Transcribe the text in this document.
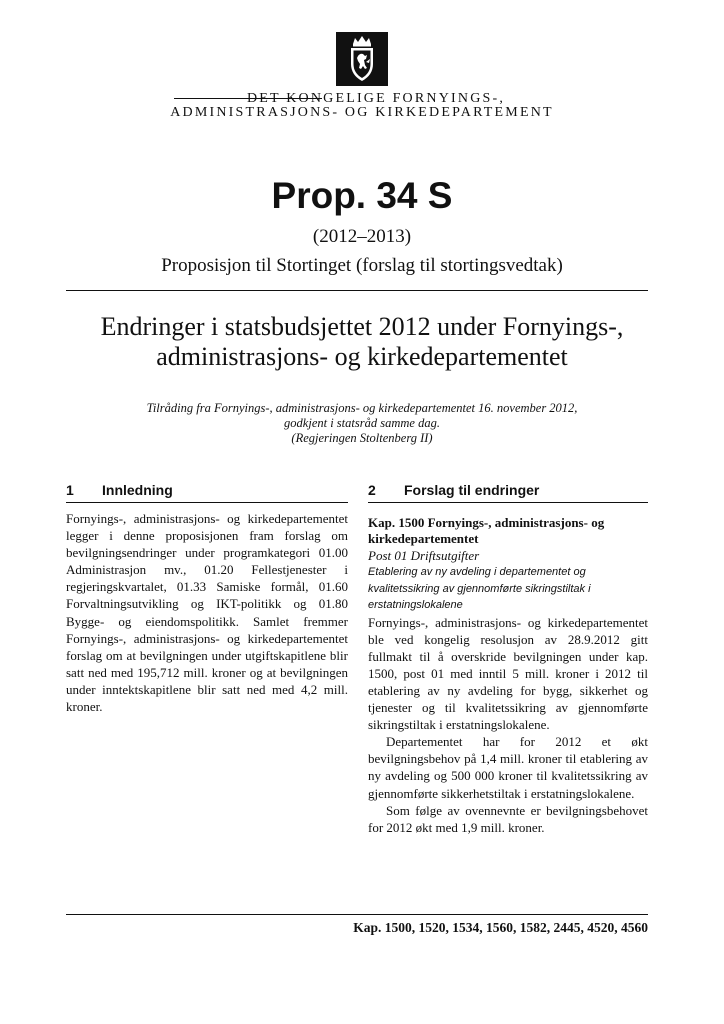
DET KONGELIGE FORNYINGS-,
ADMINISTRASJONS- OG KIRKEDEPARTEMENT
Prop. 34 S
(2012–2013)
Proposisjon til Stortinget (forslag til stortingsvedtak)
Endringer i statsbudsjettet 2012 under Fornyings-,
administrasjons- og kirkedepartementet
Tilråding fra Fornyings-, administrasjons- og kirkedepartementet 16. november 2012,
godkjent i statsråd samme dag.
(Regjeringen Stoltenberg II)
1 Innledning

Fornyings-, administrasjons- og kirkedepartementet legger i denne proposisjonen fram forslag om bevilgningsendringer under programkategori 01.00 Administrasjon mv., 01.20 Fellestjenester i regjeringskvartalet, 01.33 Samiske formål, 01.60 Forvaltningsutvikling og IKT-politikk og 01.80 Bygge- og eiendomspolitikk. Samlet fremmer Fornyings-, administrasjons- og kirkedepartementet forslag om at bevilgningen under utgiftskapitlene blir satt ned med 195,712 mill. kroner og at bevilgningen under inntektskapitlene blir satt ned med 4,2 mill. kroner.

2 Forslag til endringer

Kap. 1500 Fornyings-, administrasjons- og kirkedepartementet

Post 01 Driftsutgifter

Etablering av ny avdeling i departementet og kvalitetssikring av gjennomførte sikringstiltak i erstatningslokalene

Fornyings-, administrasjons- og kirkedepartementet ble ved kongelig resolusjon av 28.9.2012 gitt fullmakt til å overskride bevilgningen under kap. 1500, post 01 med inntil 5 mill. kroner i 2012 til etablering av ny avdeling for bygg, sikkerhet og tjenester og til kvalitetssikring av gjennomførte sikringstiltak i erstatningslokalene.

Departementet har for 2012 et økt bevilgningsbehov på 1,4 mill. kroner til etablering av ny avdeling og 500 000 kroner til kvalitetssikring av gjennomførte sikkerhetstiltak i erstatningslokalene.

Som følge av ovennevnte er bevilgningsbehovet for 2012 økt med 1,9 mill. kroner.

Kap. 1500, 1520, 1534, 1560, 1582, 2445, 4520, 4560
